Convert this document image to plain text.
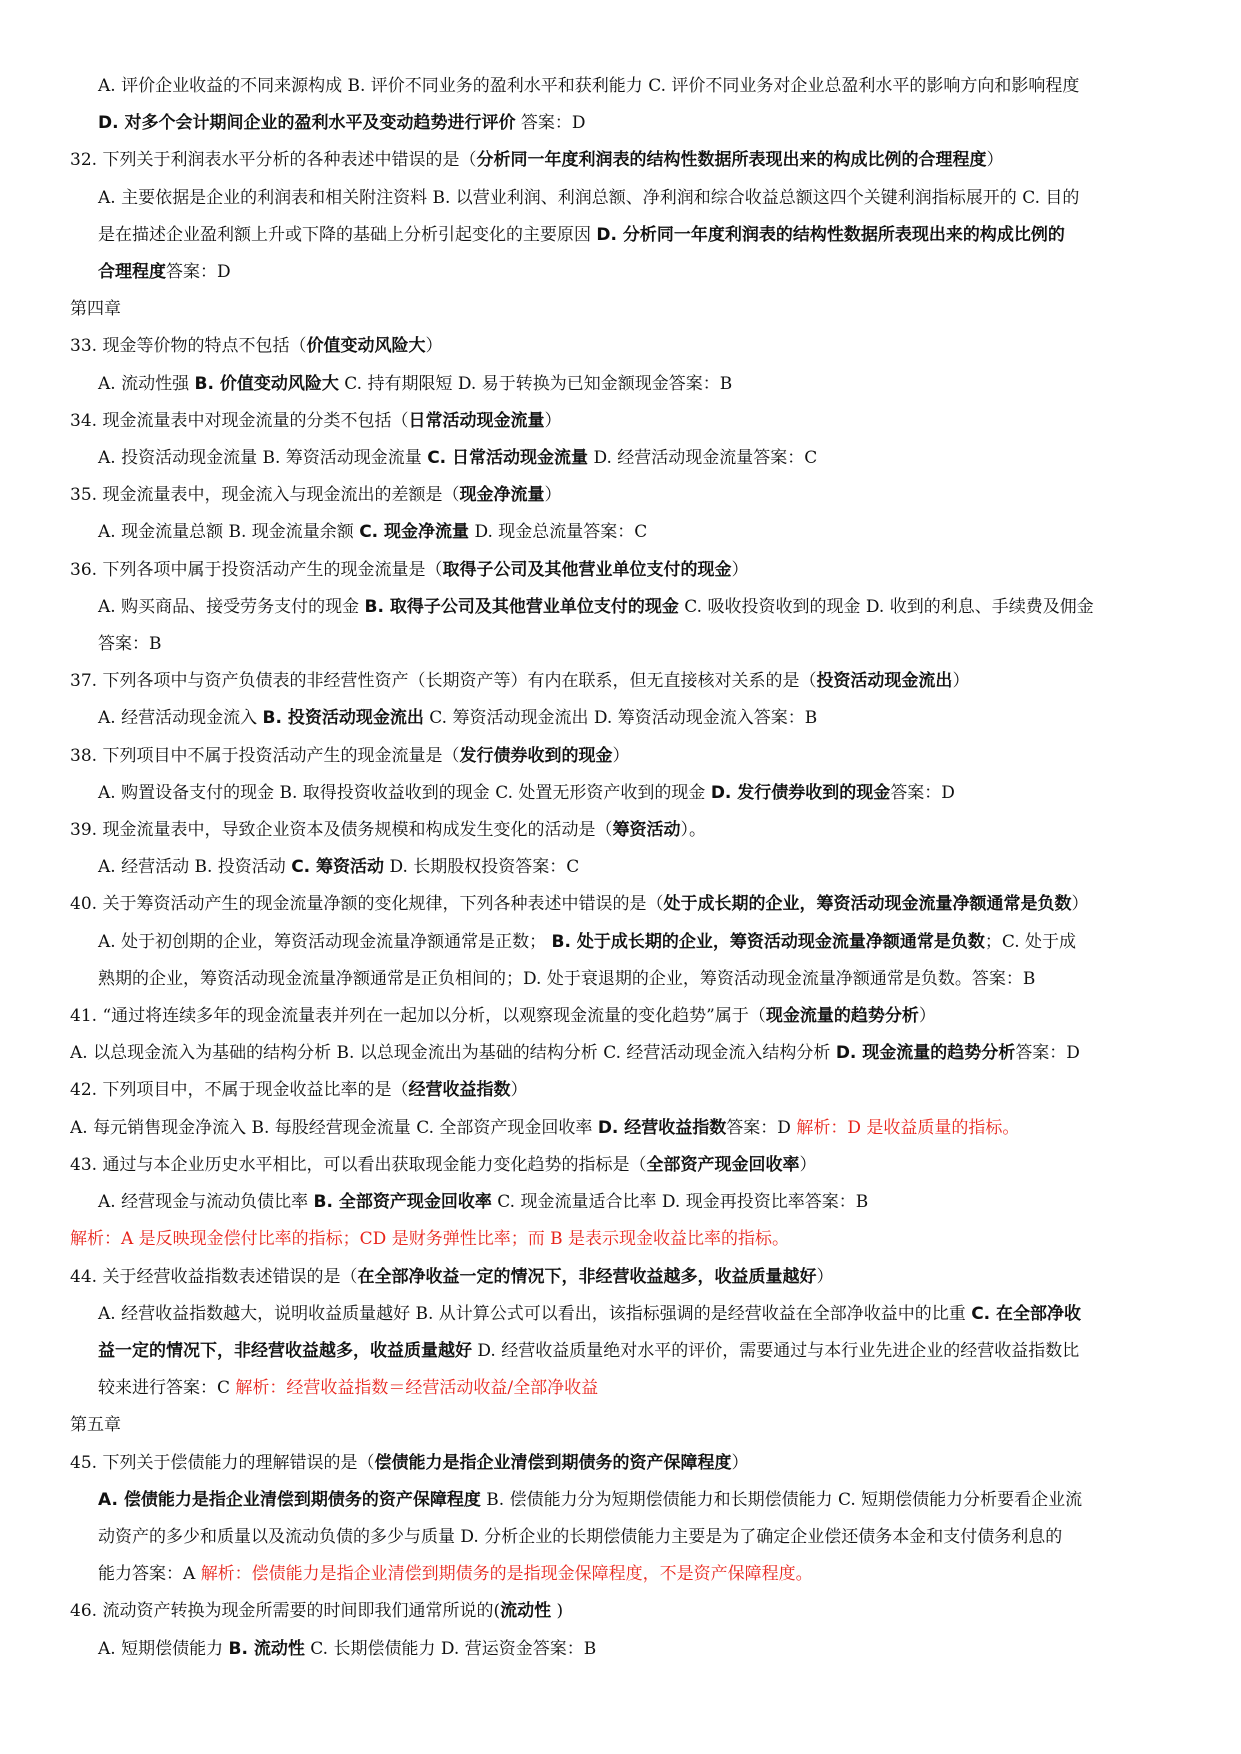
A. 评价企业收益的不同来源构成 B. 评价不同业务的盈利水平和获利能力 C. 评价不同业务对企业总盈利水平的影响方向和影响程度
D. 对多个会计期间企业的盈利水平及变动趋势进行评价 答案：D
32. 下列关于利润表水平分析的各种表述中错误的是（分析同一年度利润表的结构性数据所表现出来的构成比例的合理程度）
A. 主要依据是企业的利润表和相关附注资料 B. 以营业利润、利润总额、净利润和综合收益总额这四个关键利润指标展开的 C. 目的
是在描述企业盈利额上升或下降的基础上分析引起变化的主要原因 D. 分析同一年度利润表的结构性数据所表现出来的构成比例的
合理程度答案：D
第四章
33. 现金等价物的特点不包括（价值变动风险大）
A. 流动性强 B. 价值变动风险大 C. 持有期限短 D. 易于转换为已知金额现金答案：B
34. 现金流量表中对现金流量的分类不包括（日常活动现金流量）
A. 投资活动现金流量 B. 筹资活动现金流量 C. 日常活动现金流量 D. 经营活动现金流量答案：C
35. 现金流量表中，现金流入与现金流出的差额是（现金净流量）
A. 现金流量总额 B. 现金流量余额 C. 现金净流量 D. 现金总流量答案：C
36. 下列各项中属于投资活动产生的现金流量是（取得子公司及其他营业单位支付的现金）
A. 购买商品、接受劳务支付的现金 B. 取得子公司及其他营业单位支付的现金 C. 吸收投资收到的现金 D. 收到的利息、手续费及佣金
答案：B
37. 下列各项中与资产负债表的非经营性资产（长期资产等）有内在联系，但无直接核对关系的是（投资活动现金流出）
A. 经营活动现金流入 B. 投资活动现金流出 C. 筹资活动现金流出 D. 筹资活动现金流入答案：B
38. 下列项目中不属于投资活动产生的现金流量是（发行债券收到的现金）
A. 购置设备支付的现金 B. 取得投资收益收到的现金 C. 处置无形资产收到的现金 D. 发行债券收到的现金答案：D
39. 现金流量表中，导致企业资本及债务规模和构成发生变化的活动是（筹资活动）。
A. 经营活动 B. 投资活动 C. 筹资活动 D. 长期股权投资答案：C
40. 关于筹资活动产生的现金流量净额的变化规律，下列各种表述中错误的是（处于成长期的企业，筹资活动现金流量净额通常是负数）
A. 处于初创期的企业，筹资活动现金流量净额通常是正数； B. 处于成长期的企业，筹资活动现金流量净额通常是负数；C. 处于成
熟期的企业，筹资活动现金流量净额通常是正负相间的；D. 处于衰退期的企业，筹资活动现金流量净额通常是负数。答案：B
41. “通过将连续多年的现金流量表并列在一起加以分析，以观察现金流量的变化趋势”属于（现金流量的趋势分析）
A. 以总现金流入为基础的结构分析 B. 以总现金流出为基础的结构分析 C. 经营活动现金流入结构分析 D. 现金流量的趋势分析答案：D
42. 下列项目中，不属于现金收益比率的是（经营收益指数）
A. 每元销售现金净流入 B. 每股经营现金流量 C. 全部资产现金回收率 D. 经营收益指数答案：D 解析：D 是收益质量的指标。
43. 通过与本企业历史水平相比，可以看出获取现金能力变化趋势的指标是（全部资产现金回收率）
A. 经营现金与流动负债比率 B. 全部资产现金回收率 C. 现金流量适合比率 D. 现金再投资比率答案：B
解析：A 是反映现金偿付比率的指标；CD 是财务弹性比率；而 B 是表示现金收益比率的指标。
44. 关于经营收益指数表述错误的是（在全部净收益一定的情况下，非经营收益越多，收益质量越好）
A. 经营收益指数越大，说明收益质量越好 B. 从计算公式可以看出，该指标强调的是经营收益在全部净收益中的比重 C. 在全部净收
益一定的情况下，非经营收益越多，收益质量越好 D. 经营收益质量绝对水平的评价，需要通过与本行业先进企业的经营收益指数比
较来进行答案：C 解析：经营收益指数＝经营活动收益/全部净收益
第五章
45. 下列关于偿债能力的理解错误的是（偿债能力是指企业清偿到期债务的资产保障程度）
A. 偿债能力是指企业清偿到期债务的资产保障程度 B. 偿债能力分为短期偿债能力和长期偿债能力 C. 短期偿债能力分析要看企业流
动资产的多少和质量以及流动负债的多少与质量 D. 分析企业的长期偿债能力主要是为了确定企业偿还债务本金和支付债务利息的
能力答案：A 解析：偿债能力是指企业清偿到期债务的是指现金保障程度，不是资产保障程度。
46. 流动资产转换为现金所需要的时间即我们通常所说的(流动性 )
A. 短期偿债能力 B. 流动性 C. 长期偿债能力 D. 营运资金答案：B
